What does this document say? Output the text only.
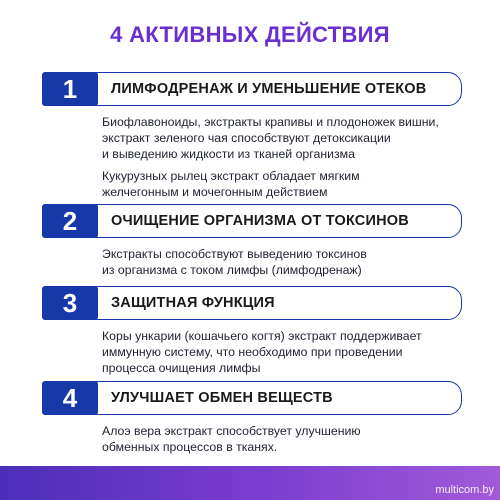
4 АКТИВНЫХ ДЕЙСТВИЯ
1	ЛИМФОДРЕНАЖ И УМЕНЬШЕНИЕ ОТЕКОВ

Биофлавоноиды, экстракты крапивы и плодоножек вишни,
экстракт зеленого чая способствуют детоксикации
и выведению жидкости из тканей организма

Кукурузных рылец экстракт обладает мягким
желчегонным и мочегонным действием

2	ОЧИЩЕНИЕ ОРГАНИЗМА ОТ ТОКСИНОВ

Экстракты способствуют выведению токсинов
из организма с током лимфы (лимфодренаж)

3	ЗАЩИТНАЯ ФУНКЦИЯ

Коры ункарии (кошачьего когтя) экстракт поддерживает
иммунную систему, что необходимо при проведении
процесса очищения лимфы

4	УЛУЧШАЕТ ОБМЕН ВЕЩЕСТВ

Алоэ вера экстракт способствует улучшению
обменных процессов в тканях.

multicom.by
